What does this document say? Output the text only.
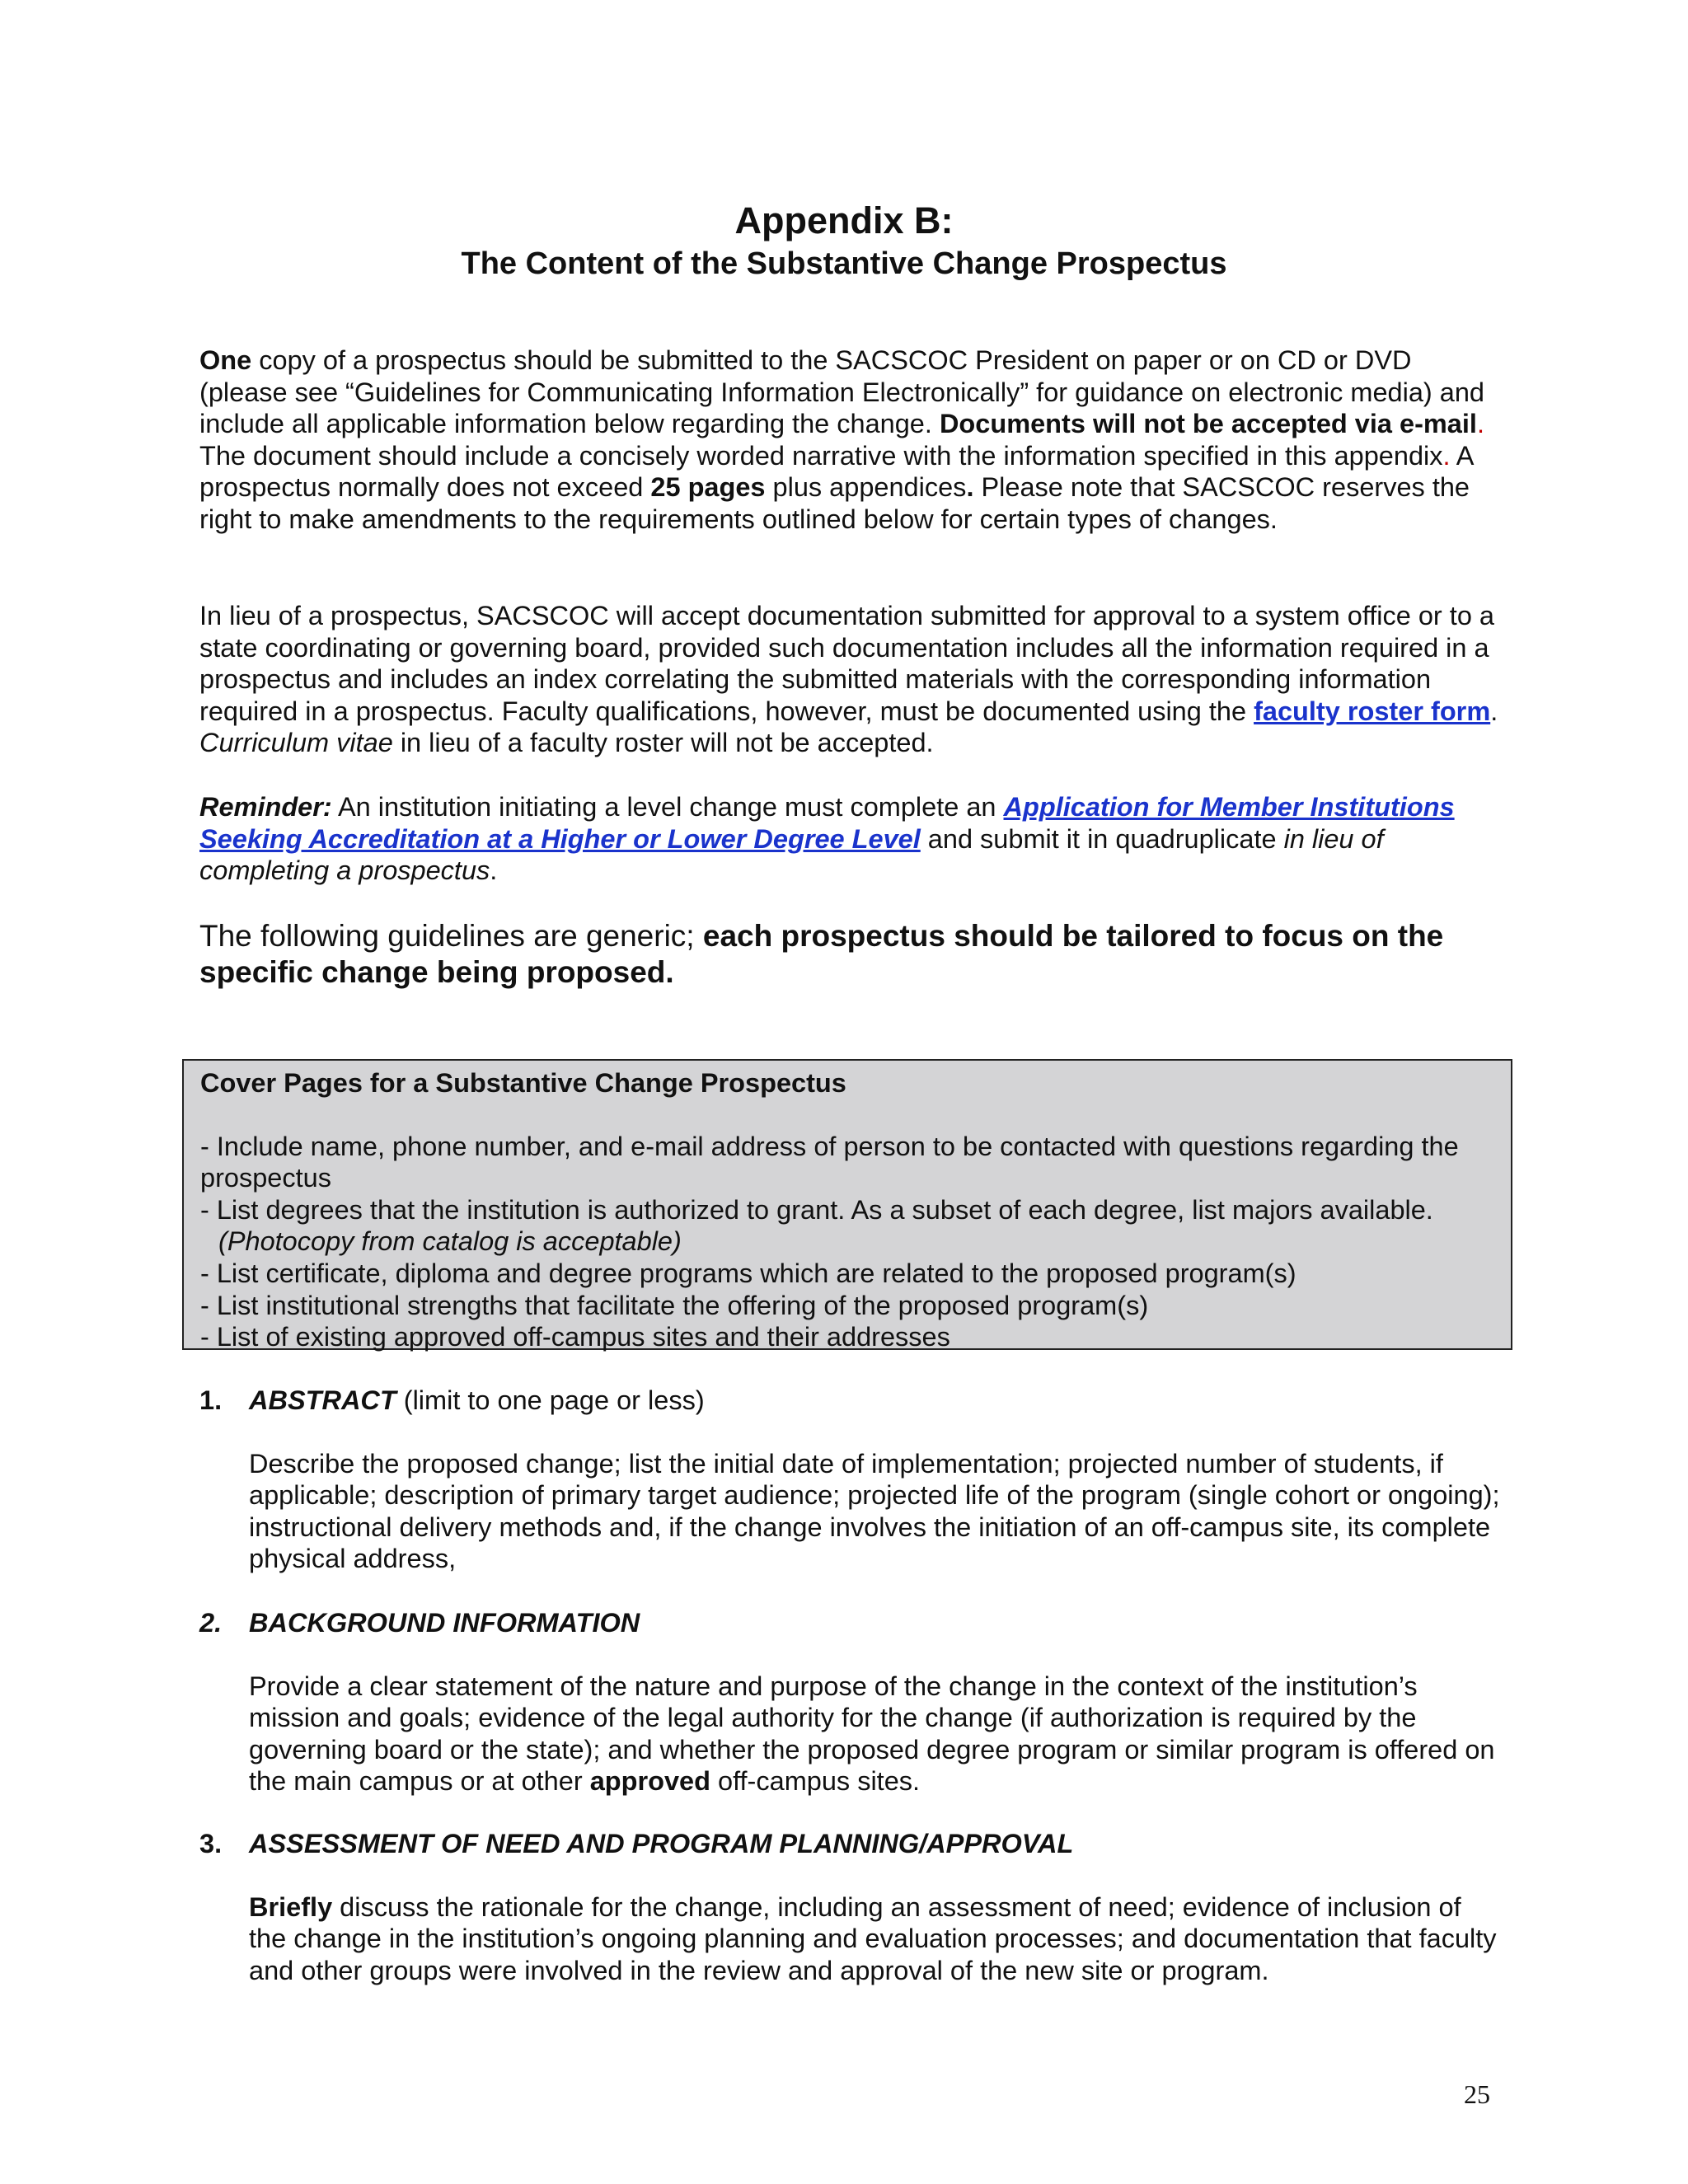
Appendix B:
The Content of the Substantive Change Prospectus
One copy of a prospectus should be submitted to the SACSCOC President on paper or on CD or DVD (please see “Guidelines for Communicating Information Electronically” for guidance on electronic media) and include all applicable information below regarding the change. Documents will not be accepted via e-mail. The document should include a concisely worded narrative with the information specified in this appendix. A prospectus normally does not exceed 25 pages plus appendices. Please note that SACSCOC reserves the right to make amendments to the requirements outlined below for certain types of changes.
In lieu of a prospectus, SACSCOC will accept documentation submitted for approval to a system office or to a state coordinating or governing board, provided such documentation includes all the information required in a prospectus and includes an index correlating the submitted materials with the corresponding information required in a prospectus. Faculty qualifications, however, must be documented using the faculty roster form. Curriculum vitae in lieu of a faculty roster will not be accepted.
Reminder: An institution initiating a level change must complete an Application for Member Institutions Seeking Accreditation at a Higher or Lower Degree Level and submit it in quadruplicate in lieu of completing a prospectus.
The following guidelines are generic; each prospectus should be tailored to focus on the specific change being proposed.
Cover Pages for a Substantive Change Prospectus
- Include name, phone number, and e-mail address of person to be contacted with questions regarding the prospectus
- List degrees that the institution is authorized to grant. As a subset of each degree, list majors available.
(Photocopy from catalog is acceptable)
- List certificate, diploma and degree programs which are related to the proposed program(s)
- List institutional strengths that facilitate the offering of the proposed program(s)
- List of existing approved off-campus sites and their addresses
1.	ABSTRACT (limit to one page or less)
Describe the proposed change; list the initial date of implementation; projected number of students, if applicable; description of primary target audience; projected life of the program (single cohort or ongoing); instructional delivery methods and, if the change involves the initiation of an off-campus site, its complete physical address,
2.	BACKGROUND INFORMATION
Provide a clear statement of the nature and purpose of the change in the context of the institution’s mission and goals; evidence of the legal authority for the change (if authorization is required by the governing board or the state); and whether the proposed degree program or similar program is offered on the main campus or at other approved off-campus sites.
3.	ASSESSMENT OF NEED AND PROGRAM PLANNING/APPROVAL
Briefly discuss the rationale for the change, including an assessment of need; evidence of inclusion of the change in the institution’s ongoing planning and evaluation processes; and documentation that faculty and other groups were involved in the review and approval of the new site or program.
25
